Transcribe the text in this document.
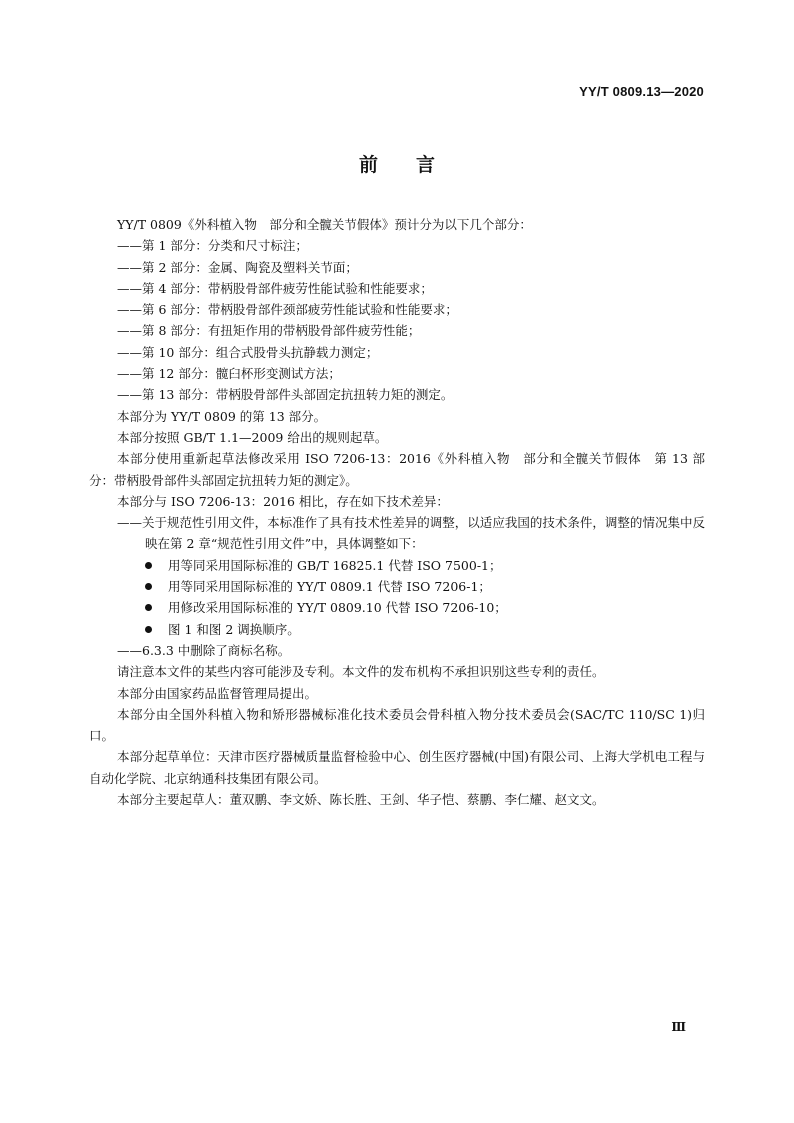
YY/T 0809.13—2020
前言

YY/T 0809《外科植入物　部分和全髋关节假体》预计分为以下几个部分：

——第 1 部分：分类和尺寸标注；

——第 2 部分：金属、陶瓷及塑料关节面；

——第 4 部分：带柄股骨部件疲劳性能试验和性能要求；

——第 6 部分：带柄股骨部件颈部疲劳性能试验和性能要求；

——第 8 部分：有扭矩作用的带柄股骨部件疲劳性能；

——第 10 部分：组合式股骨头抗静载力测定；

——第 12 部分：髋臼杯形变测试方法；

——第 13 部分：带柄股骨部件头部固定抗扭转力矩的测定。

本部分为 YY/T 0809 的第 13 部分。

本部分按照 GB/T 1.1—2009 给出的规则起草。

本部分使用重新起草法修改采用 ISO 7206-13：2016《外科植入物　部分和全髋关节假体　第 13 部分：带柄股骨部件头部固定抗扭转力矩的测定》。

本部分与 ISO 7206-13：2016 相比，存在如下技术差异：

——关于规范性引用文件，本标准作了具有技术性差异的调整，以适应我国的技术条件，调整的情况集中反映在第 2 章“规范性引用文件”中，具体调整如下：

用等同采用国际标准的 GB/T 16825.1 代替 ISO 7500-1；

用等同采用国际标准的 YY/T 0809.1 代替 ISO 7206-1；

用修改采用国际标准的 YY/T 0809.10 代替 ISO 7206-10；

图 1 和图 2 调换顺序。

——6.3.3 中删除了商标名称。

请注意本文件的某些内容可能涉及专利。本文件的发布机构不承担识别这些专利的责任。

本部分由国家药品监督管理局提出。

本部分由全国外科植入物和矫形器械标准化技术委员会骨科植入物分技术委员会(SAC/TC 110/SC 1)归口。

本部分起草单位：天津市医疗器械质量监督检验中心、创生医疗器械(中国)有限公司、上海大学机电工程与自动化学院、北京纳通科技集团有限公司。

本部分主要起草人：董双鹏、李文娇、陈长胜、王剑、华子恺、蔡鹏、李仁耀、赵文文。

Ⅲ
